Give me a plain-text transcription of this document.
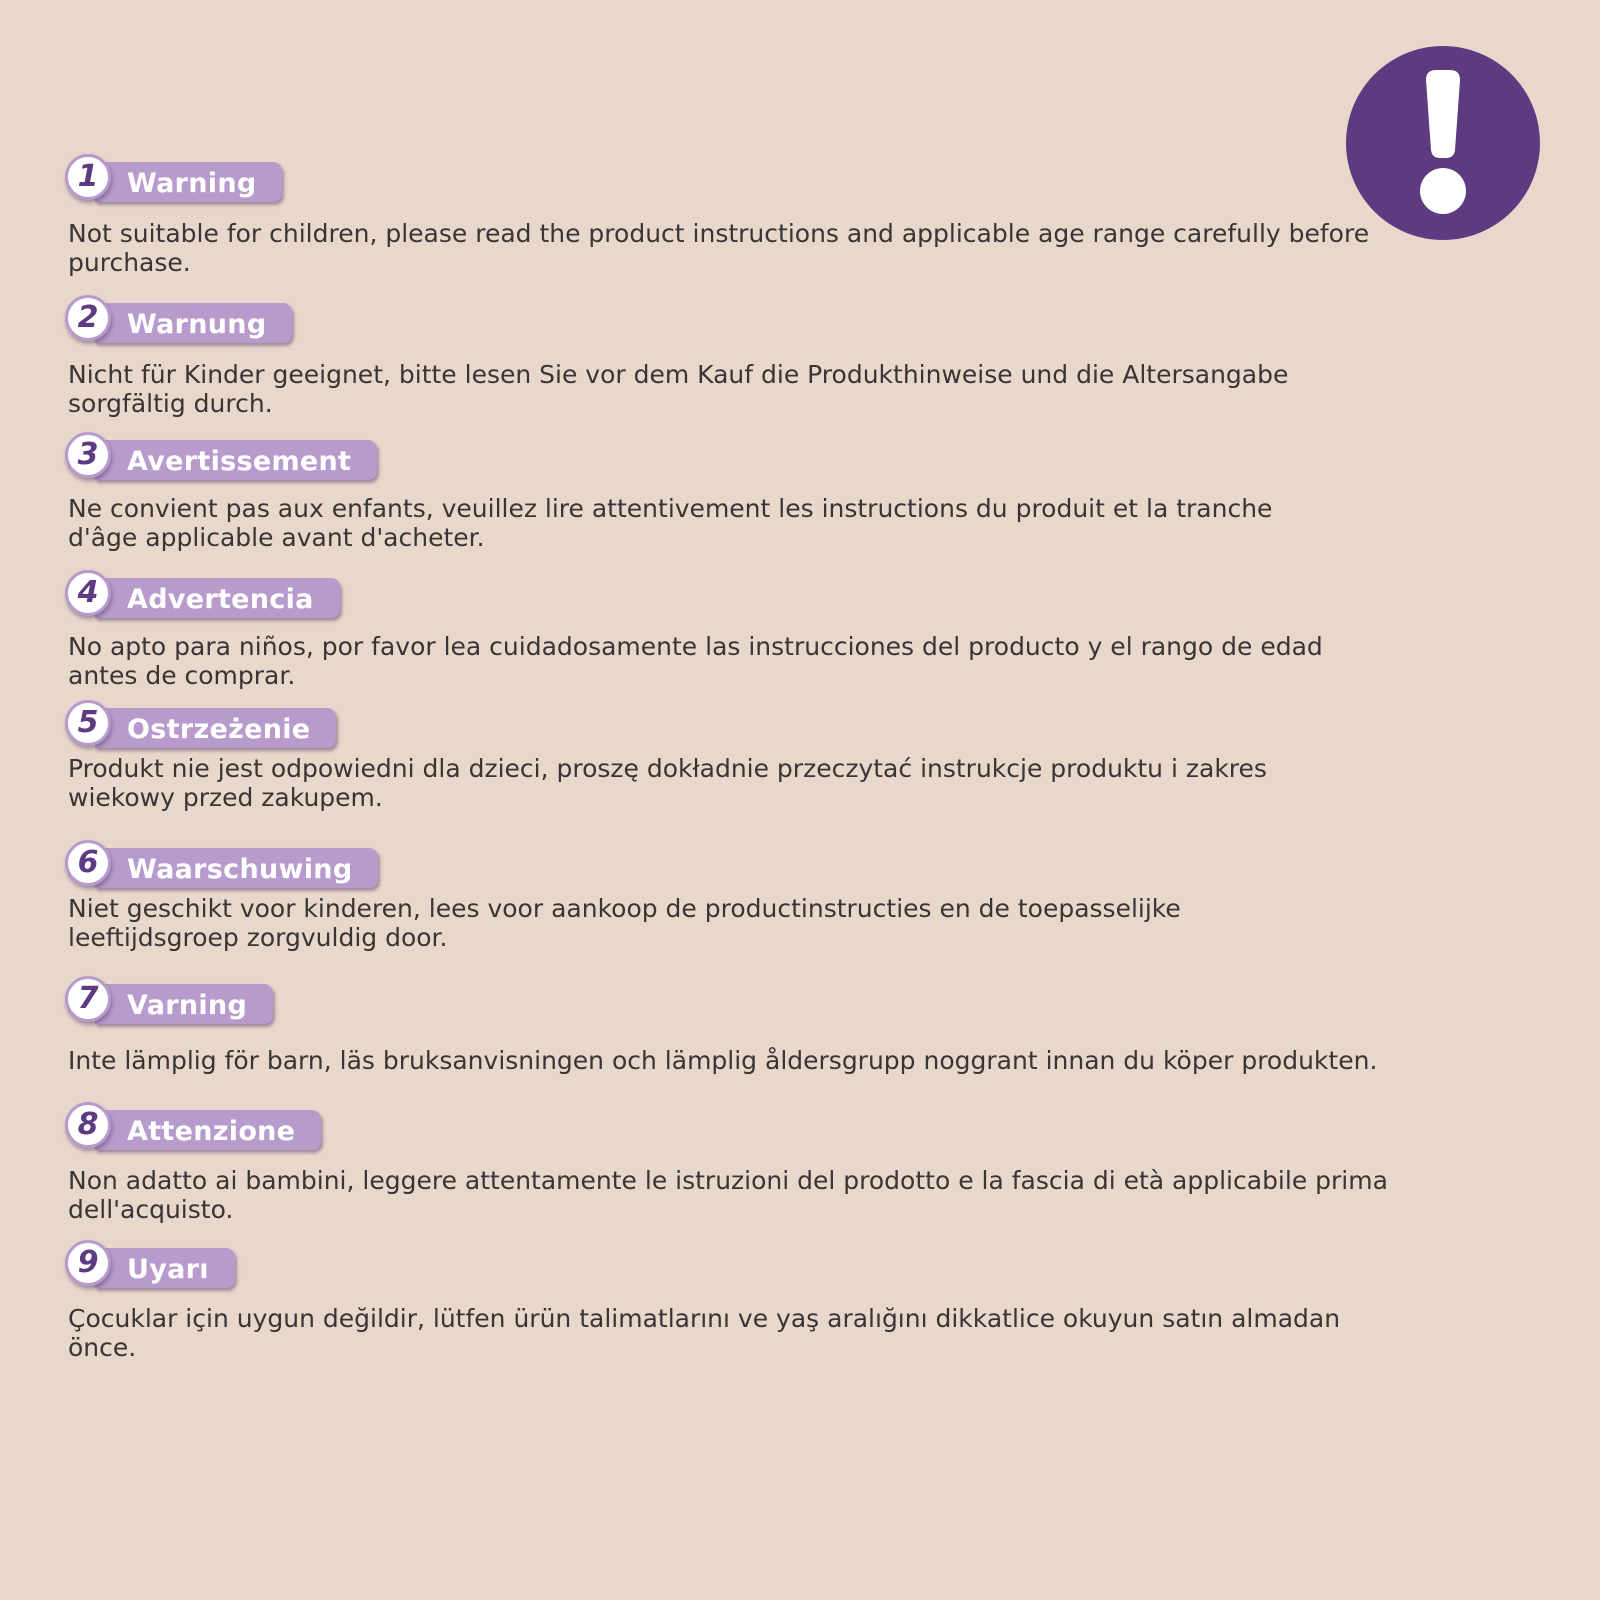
1 Warning

Not suitable for children, please read the product instructions and applicable age range carefully before purchase.

2 Warnung

Nicht für Kinder geeignet, bitte lesen Sie vor dem Kauf die Produkthinweise und die Altersangabe sorgfältig durch.

3 Avertissement

Ne convient pas aux enfants, veuillez lire attentivement les instructions du produit et la tranche d'âge applicable avant d'acheter.

4 Advertencia

No apto para niños, por favor lea cuidadosamente las instrucciones del producto y el rango de edad antes de comprar.

5 Ostrzeżenie

Produkt nie jest odpowiedni dla dzieci, proszę dokładnie przeczytać instrukcje produktu i zakres wiekowy przed zakupem.

6 Waarschuwing

Niet geschikt voor kinderen, lees voor aankoop de productinstructies en de toepasselijke leeftijdsgroep zorgvuldig door.

7 Varning

Inte lämplig för barn, läs bruksanvisningen och lämplig åldersgrupp noggrant innan du köper produkten.

8 Attenzione

Non adatto ai bambini, leggere attentamente le istruzioni del prodotto e la fascia di età applicabile prima dell'acquisto.

9 Uyarı

Çocuklar için uygun değildir, lütfen ürün talimatlarını ve yaş aralığını dikkatlice okuyun satın almadan önce.
